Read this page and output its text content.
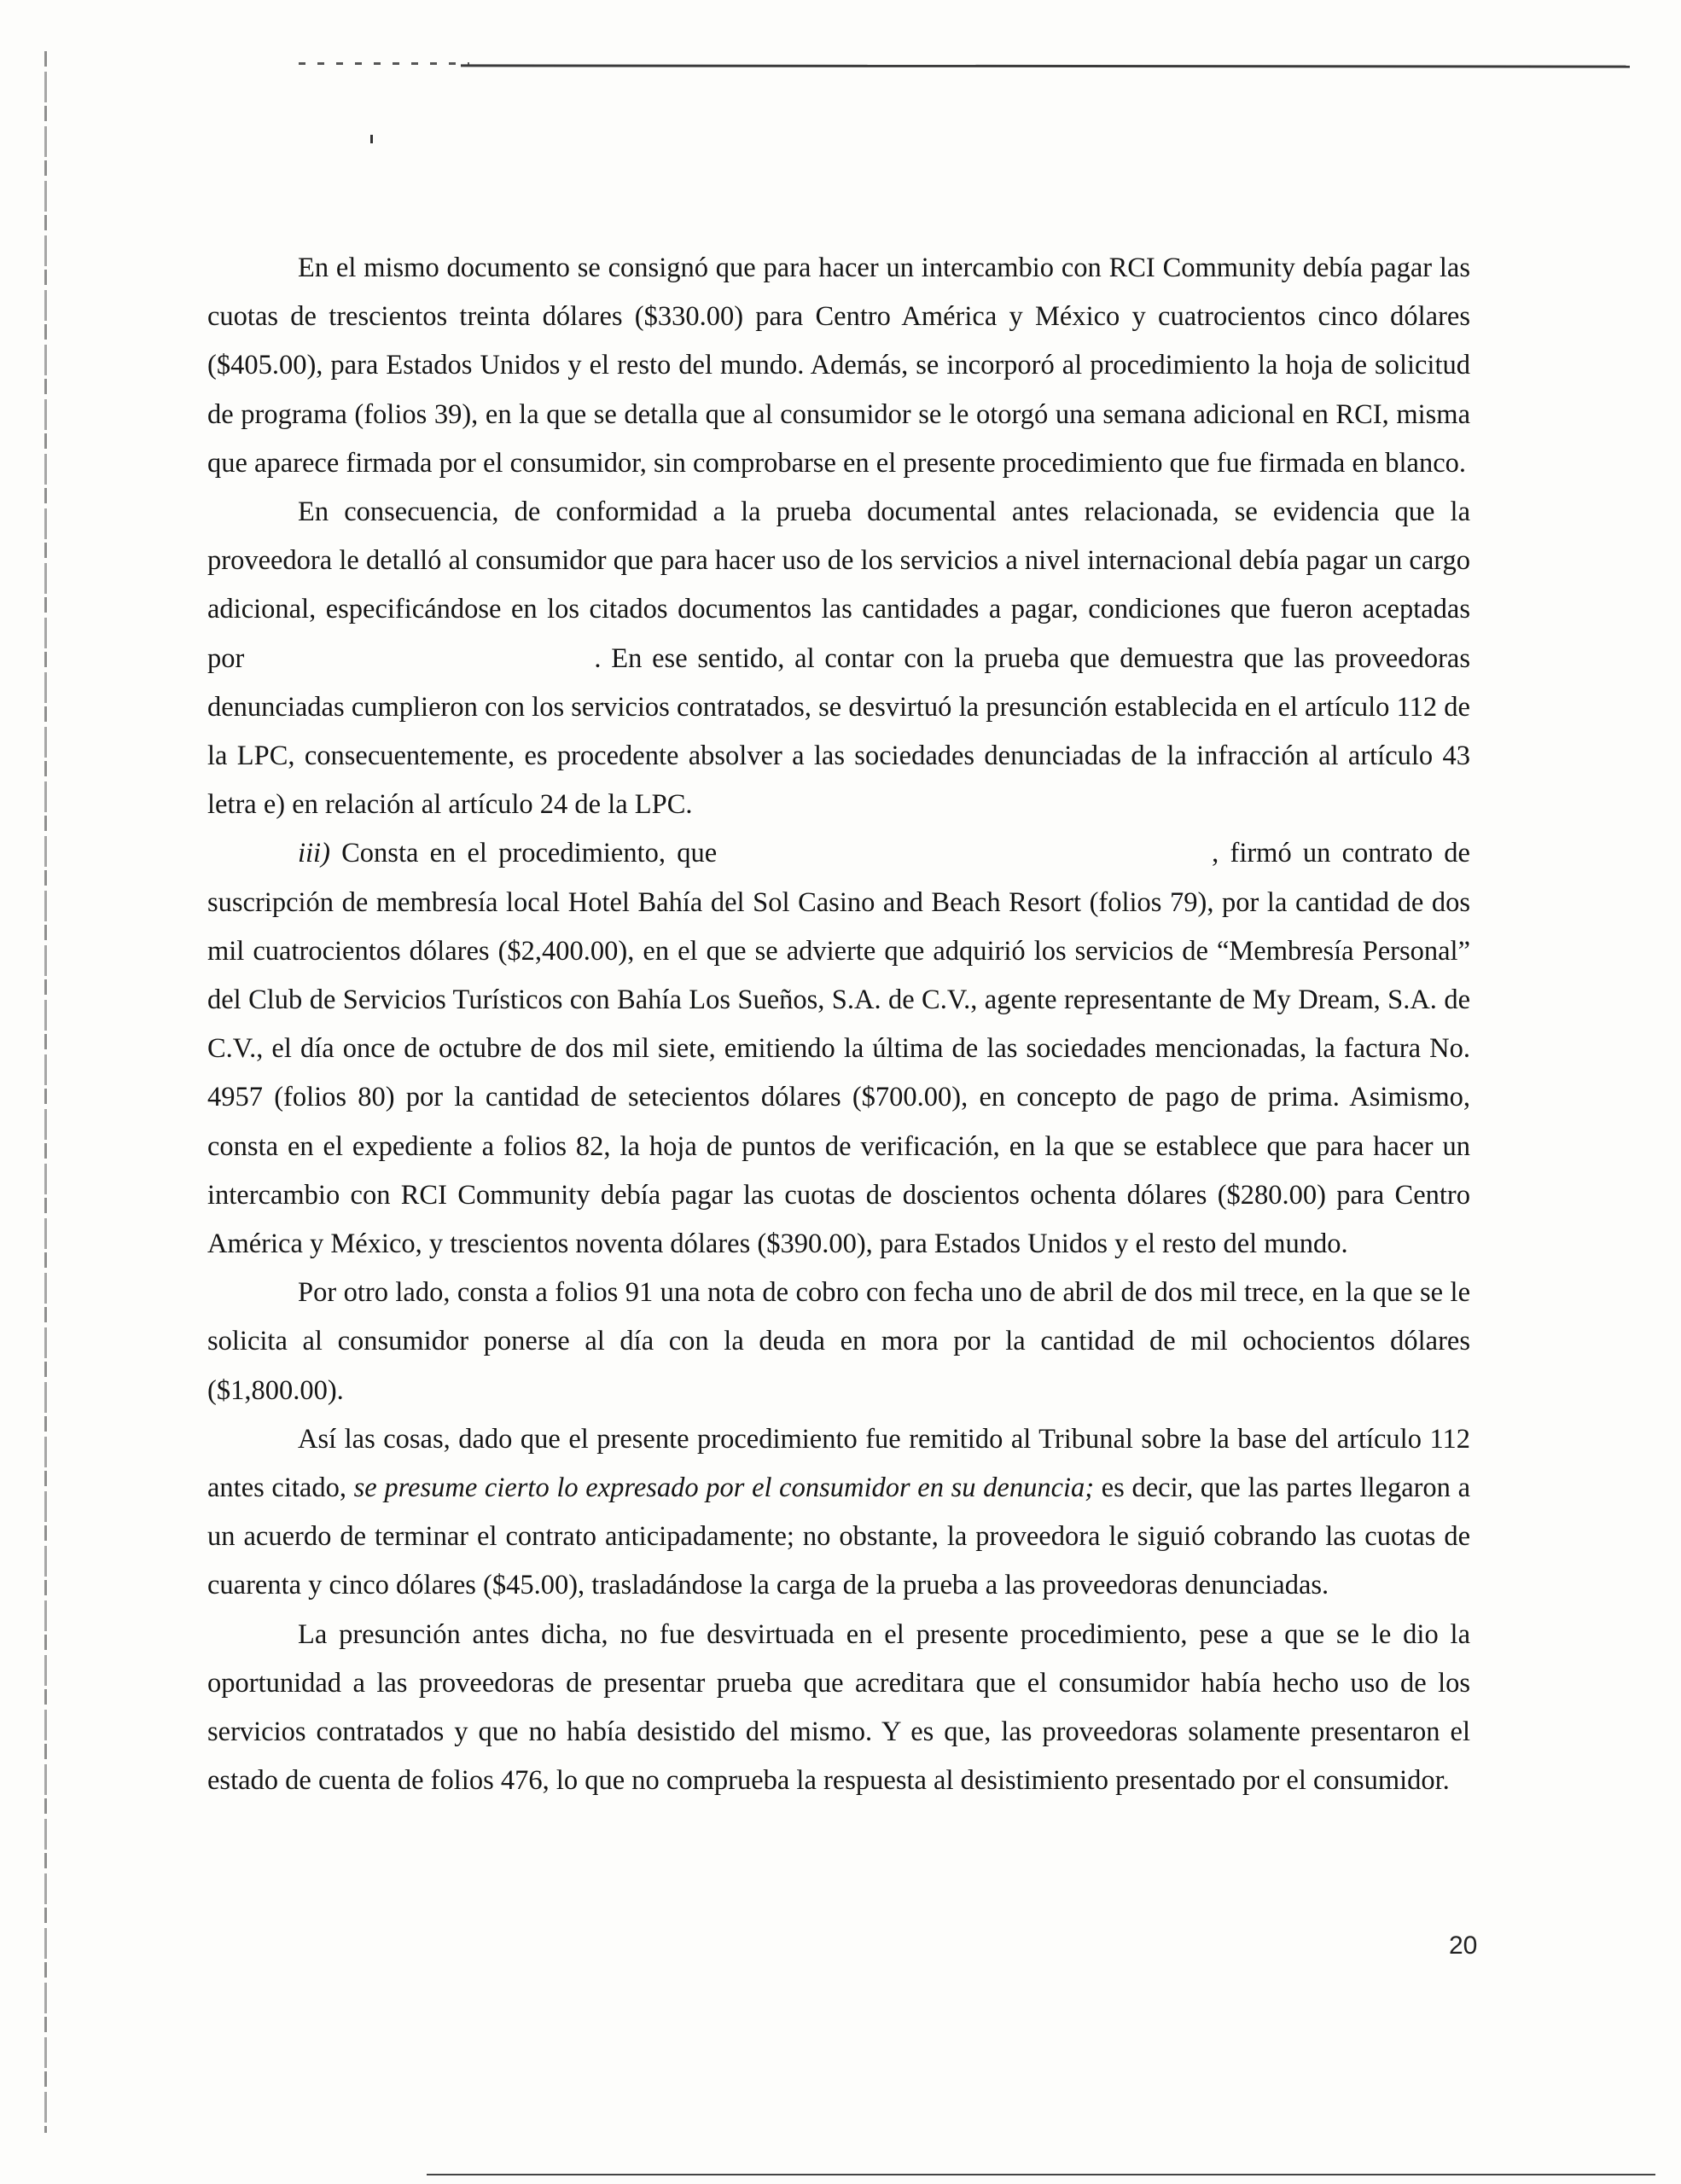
En el mismo documento se consignó que para hacer un intercambio con RCI Community debía pagar las cuotas de trescientos treinta dólares ($330.00) para Centro América y México y cuatrocientos cinco dólares ($405.00), para Estados Unidos y el resto del mundo. Además, se incorporó al procedimiento la hoja de solicitud de programa (folios 39), en la que se detalla que al consumidor se le otorgó una semana adicional en RCI, misma que aparece firmada por el consumidor, sin comprobarse en el presente procedimiento que fue firmada en blanco.

En consecuencia, de conformidad a la prueba documental antes relacionada, se evidencia que la proveedora le detalló al consumidor que para hacer uso de los servicios a nivel internacional debía pagar un cargo adicional, especificándose en los citados documentos las cantidades a pagar, condiciones que fueron aceptadas por	. En ese sentido, al contar con la prueba que demuestra que las proveedoras denunciadas cumplieron con los servicios contratados, se desvirtuó la presunción establecida en el artículo 112 de la LPC, consecuentemente, es procedente absolver a las sociedades denunciadas de la infracción al artículo 43 letra e) en relación al artículo 24 de la LPC.

iii) Consta en el procedimiento, que	, firmó un contrato de suscripción de membresía local Hotel Bahía del Sol Casino and Beach Resort (folios 79), por la cantidad de dos mil cuatrocientos dólares ($2,400.00), en el que se advierte que adquirió los servicios de “Membresía Personal” del Club de Servicios Turísticos con Bahía Los Sueños, S.A. de C.V., agente representante de My Dream, S.A. de C.V., el día once de octubre de dos mil siete, emitiendo la última de las sociedades mencionadas, la factura No. 4957 (folios 80) por la cantidad de setecientos dólares ($700.00), en concepto de pago de prima. Asimismo, consta en el expediente a folios 82, la hoja de puntos de verificación, en la que se establece que para hacer un intercambio con RCI Community debía pagar las cuotas de doscientos ochenta dólares ($280.00) para Centro América y México, y trescientos noventa dólares ($390.00), para Estados Unidos y el resto del mundo.

Por otro lado, consta a folios 91 una nota de cobro con fecha uno de abril de dos mil trece, en la que se le solicita al consumidor ponerse al día con la deuda en mora por la cantidad de mil ochocientos dólares ($1,800.00).

Así las cosas, dado que el presente procedimiento fue remitido al Tribunal sobre la base del artículo 112 antes citado, se presume cierto lo expresado por el consumidor en su denuncia; es decir, que las partes llegaron a un acuerdo de terminar el contrato anticipadamente; no obstante, la proveedora le siguió cobrando las cuotas de cuarenta y cinco dólares ($45.00), trasladándose la carga de la prueba a las proveedoras denunciadas.

La presunción antes dicha, no fue desvirtuada en el presente procedimiento, pese a que se le dio la oportunidad a las proveedoras de presentar prueba que acreditara que el consumidor había hecho uso de los servicios contratados y que no había desistido del mismo. Y es que, las proveedoras solamente presentaron el estado de cuenta de folios 476, lo que no comprueba la respuesta al desistimiento presentado por el consumidor.

20
